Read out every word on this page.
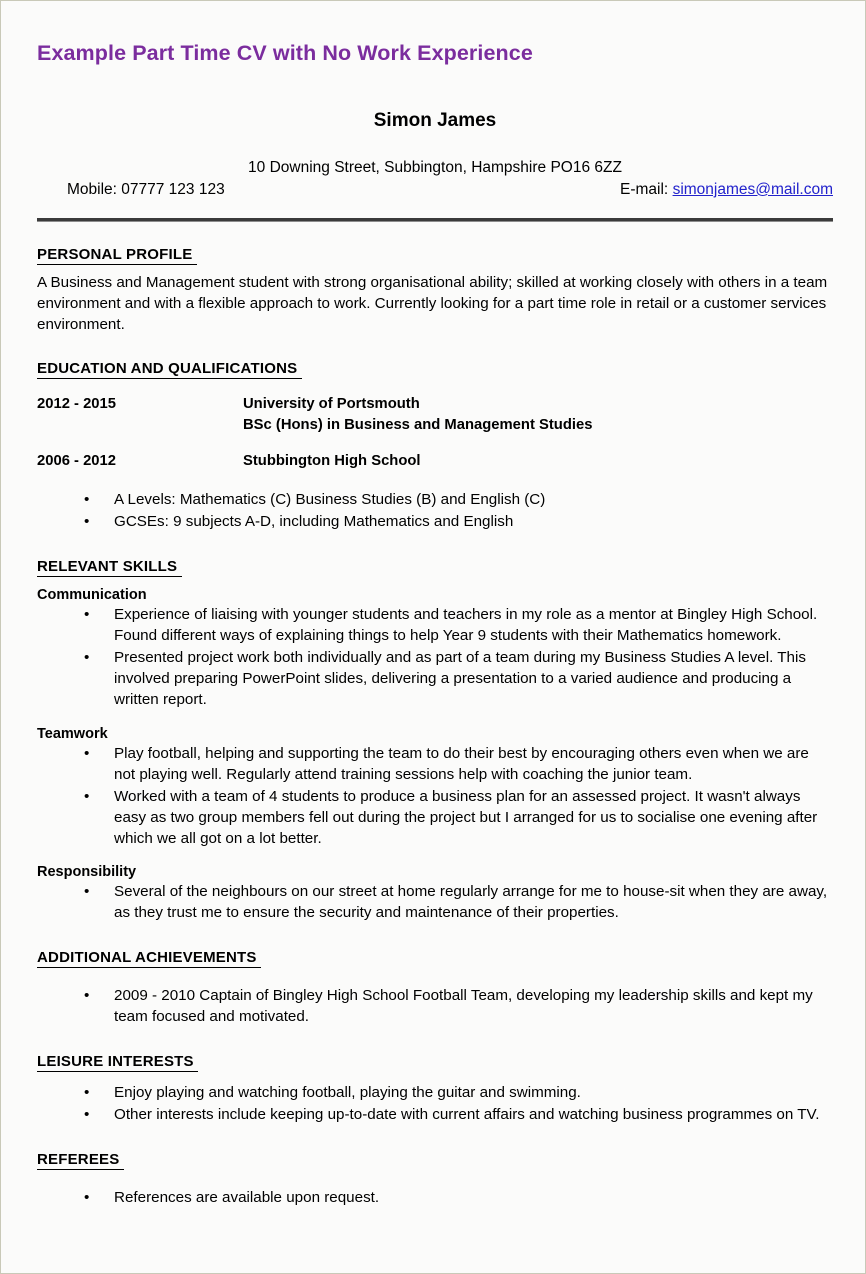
Example Part Time CV with No Work Experience
Simon James
10 Downing Street, Subbington, Hampshire PO16 6ZZ
Mobile: 07777 123 123	E-mail: simonjames@mail.com
PERSONAL PROFILE

A Business and Management student with strong organisational ability; skilled at working closely with others in a team environment and with a flexible approach to work. Currently looking for a part time role in retail or a customer services environment.

EDUCATION AND QUALIFICATIONS
2012 - 2015	University of Portsmouth
BSc (Hons) in Business and Management Studies
2006 - 2012	Stubbington High School
• A Levels: Mathematics (C) Business Studies (B) and English (C)
• GCSEs: 9 subjects A-D, including Mathematics and English
RELEVANT SKILLS
Communication
• Experience of liaising with younger students and teachers in my role as a mentor at Bingley High School. Found different ways of explaining things to help Year 9 students with their Mathematics homework.
• Presented project work both individually and as part of a team during my Business Studies A level. This involved preparing PowerPoint slides, delivering a presentation to a varied audience and producing a written report.
Teamwork
• Play football, helping and supporting the team to do their best by encouraging others even when we are not playing well. Regularly attend training sessions help with coaching the junior team.
• Worked with a team of 4 students to produce a business plan for an assessed project. It wasn't always easy as two group members fell out during the project but I arranged for us to socialise one evening after which we all got on a lot better.
Responsibility
• Several of the neighbours on our street at home regularly arrange for me to house-sit when they are away, as they trust me to ensure the security and maintenance of their properties.
ADDITIONAL ACHIEVEMENTS
• 2009 - 2010 Captain of Bingley High School Football Team, developing my leadership skills and kept my team focused and motivated.
LEISURE INTERESTS
• Enjoy playing and watching football, playing the guitar and swimming.
• Other interests include keeping up-to-date with current affairs and watching business programmes on TV.
REFEREES
• References are available upon request.
